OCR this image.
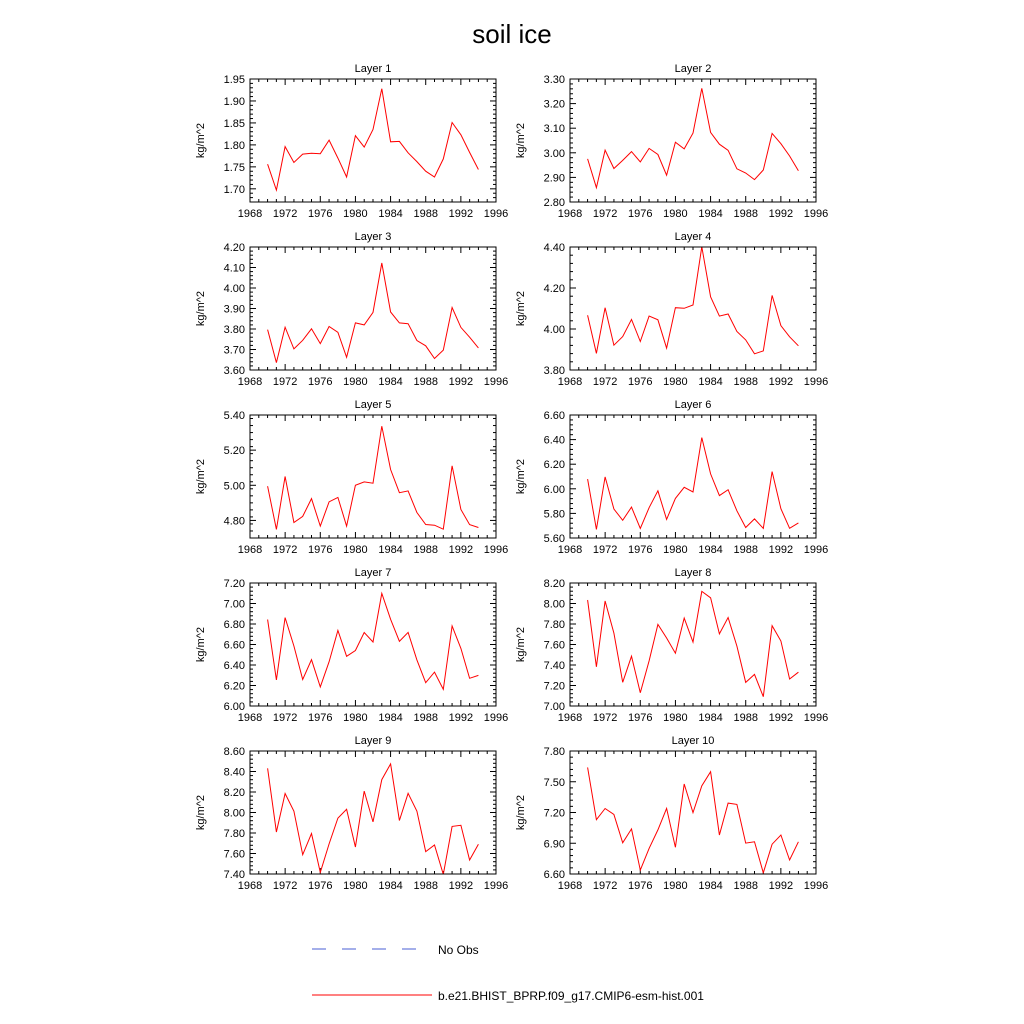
soil ice
Layer 1
kg/m^2
1968 1972 1976 1980 1984 1988 1992 1996
1.70
1.75
1.80
1.85
1.90
1.95
Layer 2
kg/m^2
1968 1972 1976 1980 1984 1988 1992 1996
2.80
2.90
3.00
3.10
3.20
3.30
Layer 3
kg/m^2
1968 1972 1976 1980 1984 1988 1992 1996
3.60
3.70
3.80
3.90
4.00
4.10
4.20
Layer 4
kg/m^2
1968 1972 1976 1980 1984 1988 1992 1996
3.80
4.00
4.20
4.40
Layer 5
kg/m^2
1968 1972 1976 1980 1984 1988 1992 1996
4.80
5.00
5.20
5.40
Layer 6
kg/m^2
1968 1972 1976 1980 1984 1988 1992 1996
5.60
5.80
6.00
6.20
6.40
6.60
Layer 7
kg/m^2
1968 1972 1976 1980 1984 1988 1992 1996
6.00
6.20
6.40
6.60
6.80
7.00
7.20
Layer 8
kg/m^2
1968 1972 1976 1980 1984 1988 1992 1996
7.00
7.20
7.40
7.60
7.80
8.00
8.20
Layer 9
kg/m^2
1968 1972 1976 1980 1984 1988 1992 1996
7.40
7.60
7.80
8.00
8.20
8.40
8.60
Layer 10
kg/m^2
1968 1972 1976 1980 1984 1988 1992 1996
6.60
6.90
7.20
7.50
7.80
No Obs
b.e21.BHIST_BPRP.f09_g17.CMIP6-esm-hist.001
